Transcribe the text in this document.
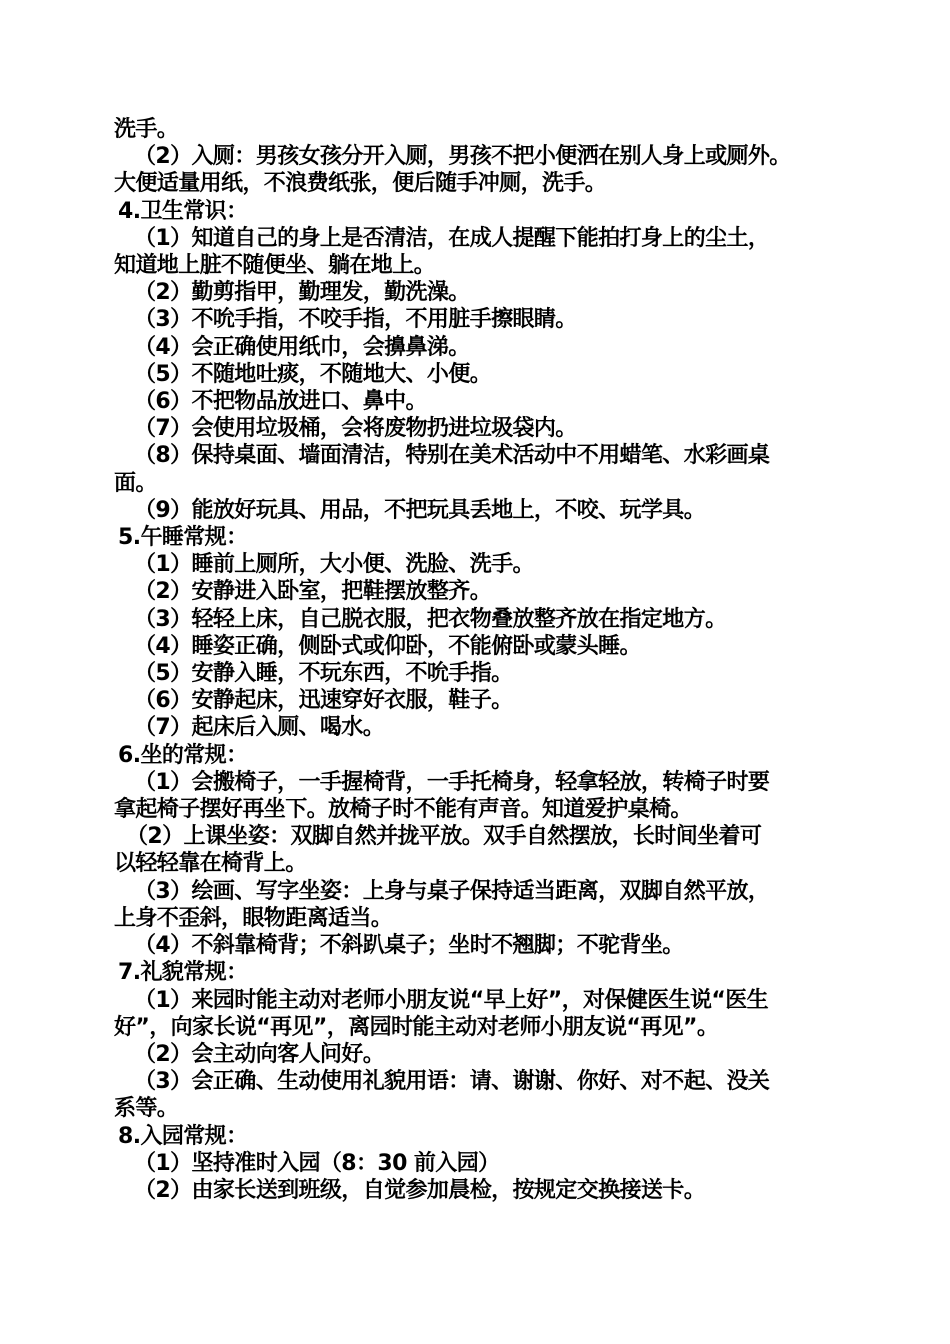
洗手。

（2）入厕：男孩女孩分开入厕，男孩不把小便洒在别人身上或厕外。

大便适量用纸，不浪费纸张，便后随手冲厕，洗手。

4.卫生常识：

（1）知道自己的身上是否清洁，在成人提醒下能拍打身上的尘土，

知道地上脏不随便坐、躺在地上。

（2）勤剪指甲，勤理发，勤洗澡。

（3）不吮手指，不咬手指，不用脏手擦眼睛。

（4）会正确使用纸巾，会擤鼻涕。

（5）不随地吐痰，不随地大、小便。

（6）不把物品放进口、鼻中。

（7）会使用垃圾桶，会将废物扔进垃圾袋内。

（8）保持桌面、墙面清洁，特别在美术活动中不用蜡笔、水彩画桌

面。

（9）能放好玩具、用品，不把玩具丢地上，不咬、玩学具。

5.午睡常规：

（1）睡前上厕所，大小便、洗脸、洗手。

（2）安静进入卧室，把鞋摆放整齐。

（3）轻轻上床，自己脱衣服，把衣物叠放整齐放在指定地方。

（4）睡姿正确，侧卧式或仰卧，不能俯卧或蒙头睡。

（5）安静入睡，不玩东西，不吮手指。

（6）安静起床，迅速穿好衣服，鞋子。

（7）起床后入厕、喝水。

6.坐的常规：

（1）会搬椅子，一手握椅背，一手托椅身，轻拿轻放，转椅子时要

拿起椅子摆好再坐下。放椅子时不能有声音。知道爱护桌椅。

（2）上课坐姿：双脚自然并拢平放。双手自然摆放，长时间坐着可

以轻轻靠在椅背上。

（3）绘画、写字坐姿：上身与桌子保持适当距离，双脚自然平放，

上身不歪斜，眼物距离适当。

（4）不斜靠椅背；不斜趴桌子；坐时不翘脚；不驼背坐。

7.礼貌常规：

（1）来园时能主动对老师小朋友说“早上好”，对保健医生说“医生

好”，向家长说“再见”，离园时能主动对老师小朋友说“再见”。

（2）会主动向客人问好。

（3）会正确、生动使用礼貌用语：请、谢谢、你好、对不起、没关

系等。

8.入园常规：

（1）坚持准时入园（8：30 前入园）

（2）由家长送到班级，自觉参加晨检，按规定交换接送卡。
